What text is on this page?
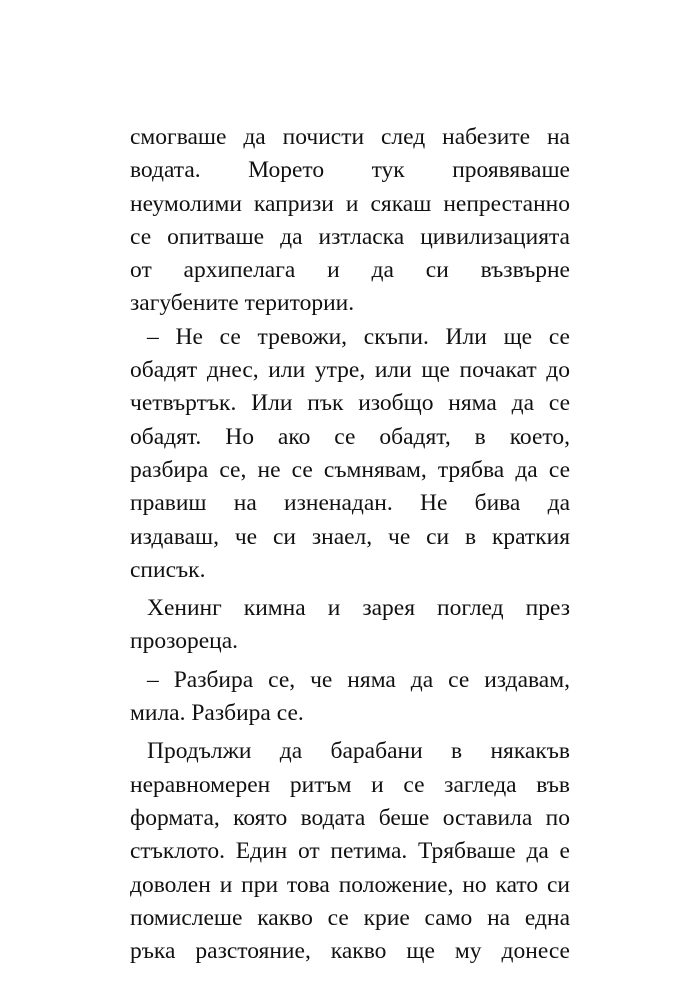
смогваше да почисти след набезите на
водата. Морето тук проявяваше
неумолими капризи и сякаш непрестанно
се опитваше да изтласка цивилизацията
от архипелага и да си възвърне
загубените територии.
– Не се тревожи, скъпи. Или ще се
обадят днес, или утре, или ще почакат до
четвъртък. Или пък изобщо няма да се
обадят. Но ако се обадят, в което,
разбира се, не се съмнявам, трябва да се
правиш на изненадан. Не бива да
издаваш, че си знаел, че си в краткия
списък.
Хенинг кимна и зарея поглед през
прозореца.
– Разбира се, че няма да се издавам,
мила. Разбира се.
Продължи да барабани в някакъв
неравномерен ритъм и се загледа във
формата, която водата беше оставила по
стъклото. Един от петима. Трябваше да е
доволен и при това положение, но като си
помислеше какво се крие само на една
ръка разстояние, какво ще му донесе
